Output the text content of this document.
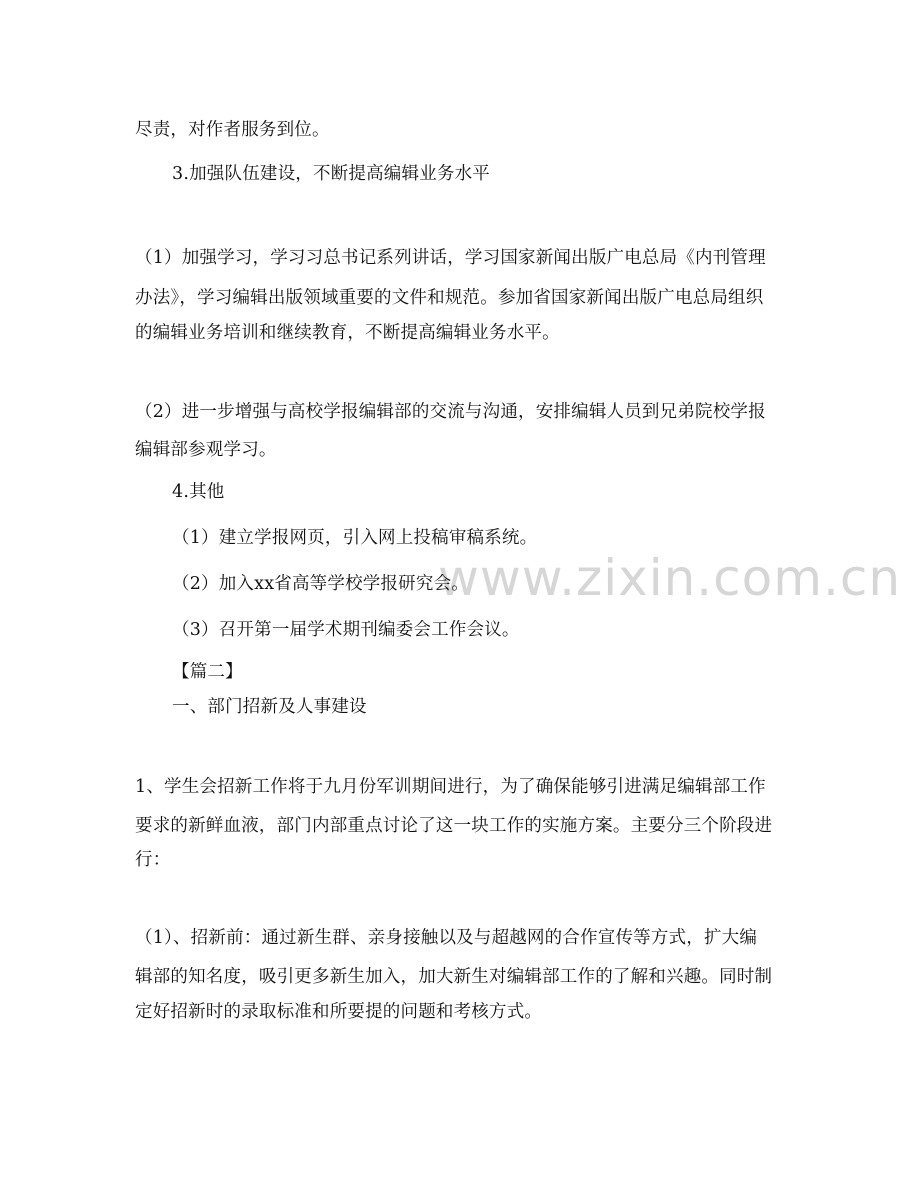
www.zixin.com.cn
尽责，对作者服务到位。
3.加强队伍建设，不断提高编辑业务水平
（1）加强学习，学习习总书记系列讲话，学习国家新闻出版广电总局《内刊管理
办法》，学习编辑出版领域重要的文件和规范。参加省国家新闻出版广电总局组织
的编辑业务培训和继续教育，不断提高编辑业务水平。
（2）进一步增强与高校学报编辑部的交流与沟通，安排编辑人员到兄弟院校学报
编辑部参观学习。
4.其他
（1）建立学报网页，引入网上投稿审稿系统。
（2）加入xx省高等学校学报研究会。
（3）召开第一届学术期刊编委会工作会议。
【篇二】
一、部门招新及人事建设
1、学生会招新工作将于九月份军训期间进行，为了确保能够引进满足编辑部工作
要求的新鲜血液，部门内部重点讨论了这一块工作的实施方案。主要分三个阶段进
行：
（1）、招新前：通过新生群、亲身接触以及与超越网的合作宣传等方式，扩大编
辑部的知名度，吸引更多新生加入，加大新生对编辑部工作的了解和兴趣。同时制
定好招新时的录取标准和所要提的问题和考核方式。
